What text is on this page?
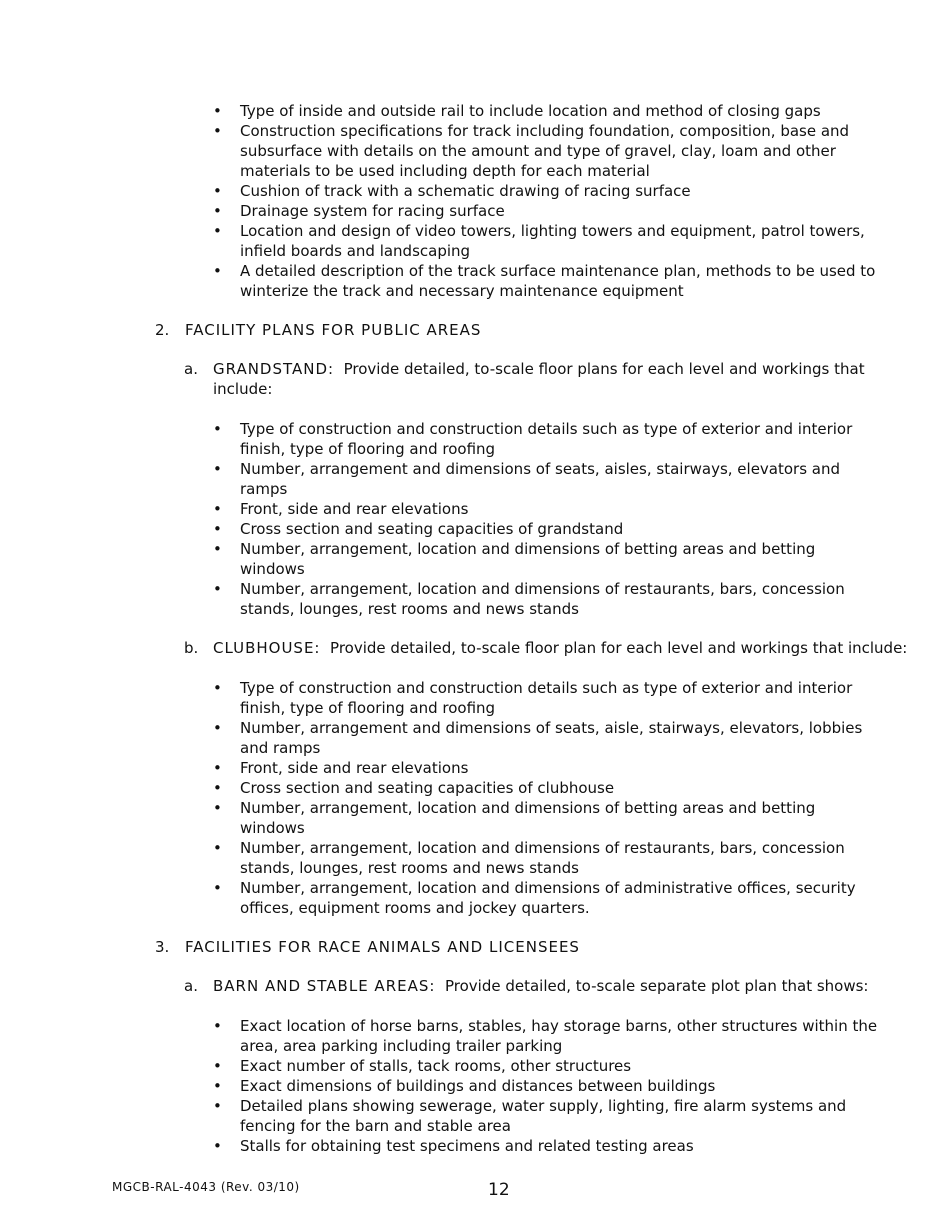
• Type of inside and outside rail to include location and method of closing gaps
• Construction specifications for track including foundation, composition, base and subsurface with details on the amount and type of gravel, clay, loam and other materials to be used including depth for each material
• Cushion of track with a schematic drawing of racing surface
• Drainage system for racing surface
• Location and design of video towers, lighting towers and equipment, patrol towers, infield boards and landscaping
• A detailed description of the track surface maintenance plan, methods to be used to winterize the track and necessary maintenance equipment
2. FACILITY PLANS FOR PUBLIC AREAS
a. GRANDSTAND: Provide detailed, to-scale floor plans for each level and workings that include:
• Type of construction and construction details such as type of exterior and interior finish, type of flooring and roofing
• Number, arrangement and dimensions of seats, aisles, stairways, elevators and ramps
• Front, side and rear elevations
• Cross section and seating capacities of grandstand
• Number, arrangement, location and dimensions of betting areas and betting windows
• Number, arrangement, location and dimensions of restaurants, bars, concession stands, lounges, rest rooms and news stands
b. CLUBHOUSE: Provide detailed, to-scale floor plan for each level and workings that include:
• Type of construction and construction details such as type of exterior and interior finish, type of flooring and roofing
• Number, arrangement and dimensions of seats, aisle, stairways, elevators, lobbies and ramps
• Front, side and rear elevations
• Cross section and seating capacities of clubhouse
• Number, arrangement, location and dimensions of betting areas and betting windows
• Number, arrangement, location and dimensions of restaurants, bars, concession stands, lounges, rest rooms and news stands
• Number, arrangement, location and dimensions of administrative offices, security offices, equipment rooms and jockey quarters.
3. FACILITIES FOR RACE ANIMALS AND LICENSEES
a. BARN AND STABLE AREAS: Provide detailed, to-scale separate plot plan that shows:
• Exact location of horse barns, stables, hay storage barns, other structures within the area, area parking including trailer parking
• Exact number of stalls, tack rooms, other structures
• Exact dimensions of buildings and distances between buildings
• Detailed plans showing sewerage, water supply, lighting, fire alarm systems and fencing for the barn and stable area
• Stalls for obtaining test specimens and related testing areas
MGCB-RAL-4043 (Rev. 03/10)	12
